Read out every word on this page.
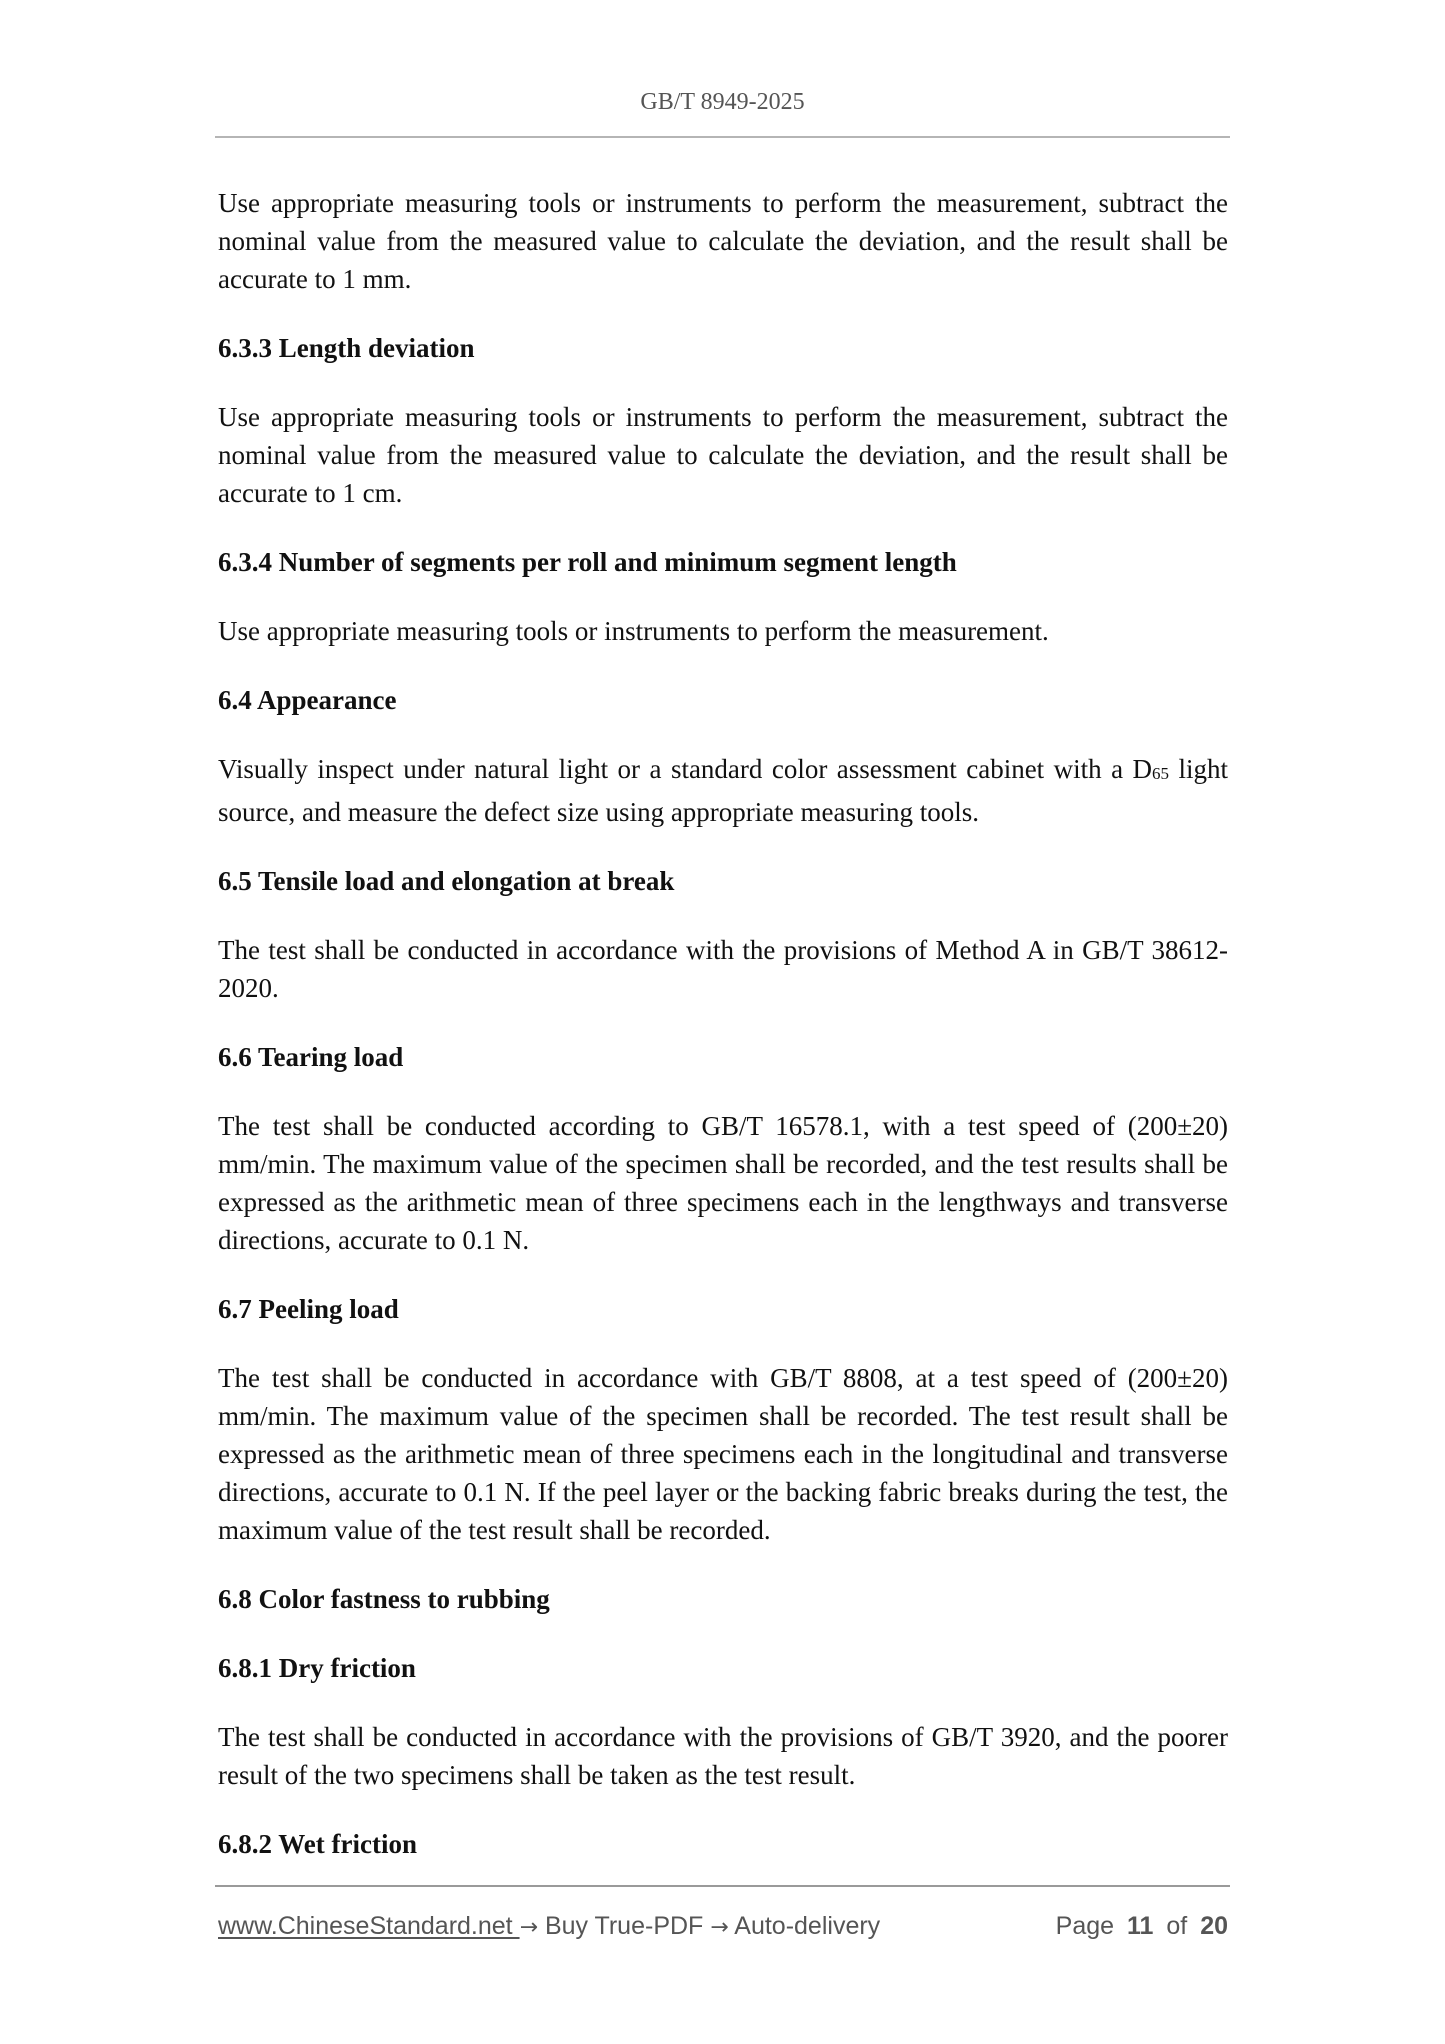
GB/T 8949-2025

Use appropriate measuring tools or instruments to perform the measurement, subtract the nominal value from the measured value to calculate the deviation, and the result shall be accurate to 1 mm.

6.3.3 Length deviation

Use appropriate measuring tools or instruments to perform the measurement, subtract the nominal value from the measured value to calculate the deviation, and the result shall be accurate to 1 cm.

6.3.4 Number of segments per roll and minimum segment length

Use appropriate measuring tools or instruments to perform the measurement.

6.4 Appearance

Visually inspect under natural light or a standard color assessment cabinet with a D65 light source, and measure the defect size using appropriate measuring tools.

6.5 Tensile load and elongation at break

The test shall be conducted in accordance with the provisions of Method A in GB/T 38612-2020.

6.6 Tearing load

The test shall be conducted according to GB/T 16578.1, with a test speed of (200±20) mm/min. The maximum value of the specimen shall be recorded, and the test results shall be expressed as the arithmetic mean of three specimens each in the lengthways and transverse directions, accurate to 0.1 N.

6.7 Peeling load

The test shall be conducted in accordance with GB/T 8808, at a test speed of (200±20) mm/min. The maximum value of the specimen shall be recorded. The test result shall be expressed as the arithmetic mean of three specimens each in the longitudinal and transverse directions, accurate to 0.1 N. If the peel layer or the backing fabric breaks during the test, the maximum value of the test result shall be recorded.

6.8 Color fastness to rubbing
6.8.1 Dry friction

The test shall be conducted in accordance with the provisions of GB/T 3920, and the poorer result of the two specimens shall be taken as the test result.

6.8.2 Wet friction
www.ChineseStandard.net → Buy True-PDF → Auto-delivery	Page 11 of 20
